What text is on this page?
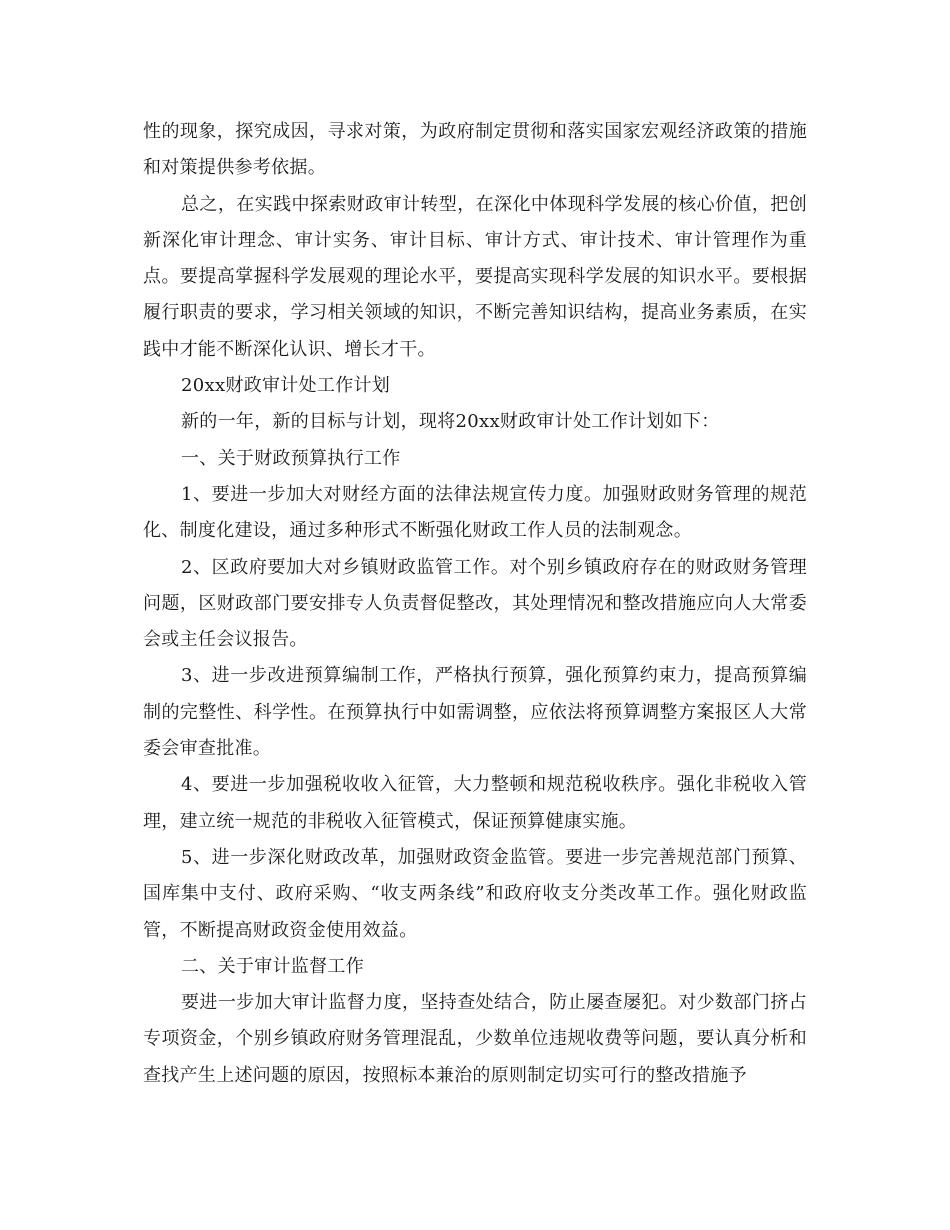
性的现象，探究成因，寻求对策，为政府制定贯彻和落实国家宏观经济政策的措施和对策提供参考依据。

总之，在实践中探索财政审计转型，在深化中体现科学发展的核心价值，把创新深化审计理念、审计实务、审计目标、审计方式、审计技术、审计管理作为重点。要提高掌握科学发展观的理论水平，要提高实现科学发展的知识水平。要根据履行职责的要求，学习相关领域的知识，不断完善知识结构，提高业务素质，在实践中才能不断深化认识、增长才干。

20xx财政审计处工作计划

新的一年，新的目标与计划，现将20xx财政审计处工作计划如下：

一、关于财政预算执行工作

1、要进一步加大对财经方面的法律法规宣传力度。加强财政财务管理的规范化、制度化建设，通过多种形式不断强化财政工作人员的法制观念。

2、区政府要加大对乡镇财政监管工作。对个别乡镇政府存在的财政财务管理问题，区财政部门要安排专人负责督促整改，其处理情况和整改措施应向人大常委会或主任会议报告。

3、进一步改进预算编制工作，严格执行预算，强化预算约束力，提高预算编制的完整性、科学性。在预算执行中如需调整，应依法将预算调整方案报区人大常委会审查批准。

4、要进一步加强税收收入征管，大力整顿和规范税收秩序。强化非税收入管理，建立统一规范的非税收入征管模式，保证预算健康实施。

5、进一步深化财政改革，加强财政资金监管。要进一步完善规范部门预算、国库集中支付、政府采购、“收支两条线”和政府收支分类改革工作。强化财政监管，不断提高财政资金使用效益。

二、关于审计监督工作

要进一步加大审计监督力度，坚持查处结合，防止屡查屡犯。对少数部门挤占专项资金，个别乡镇政府财务管理混乱，少数单位违规收费等问题，要认真分析和查找产生上述问题的原因，按照标本兼治的原则制定切实可行的整改措施予
